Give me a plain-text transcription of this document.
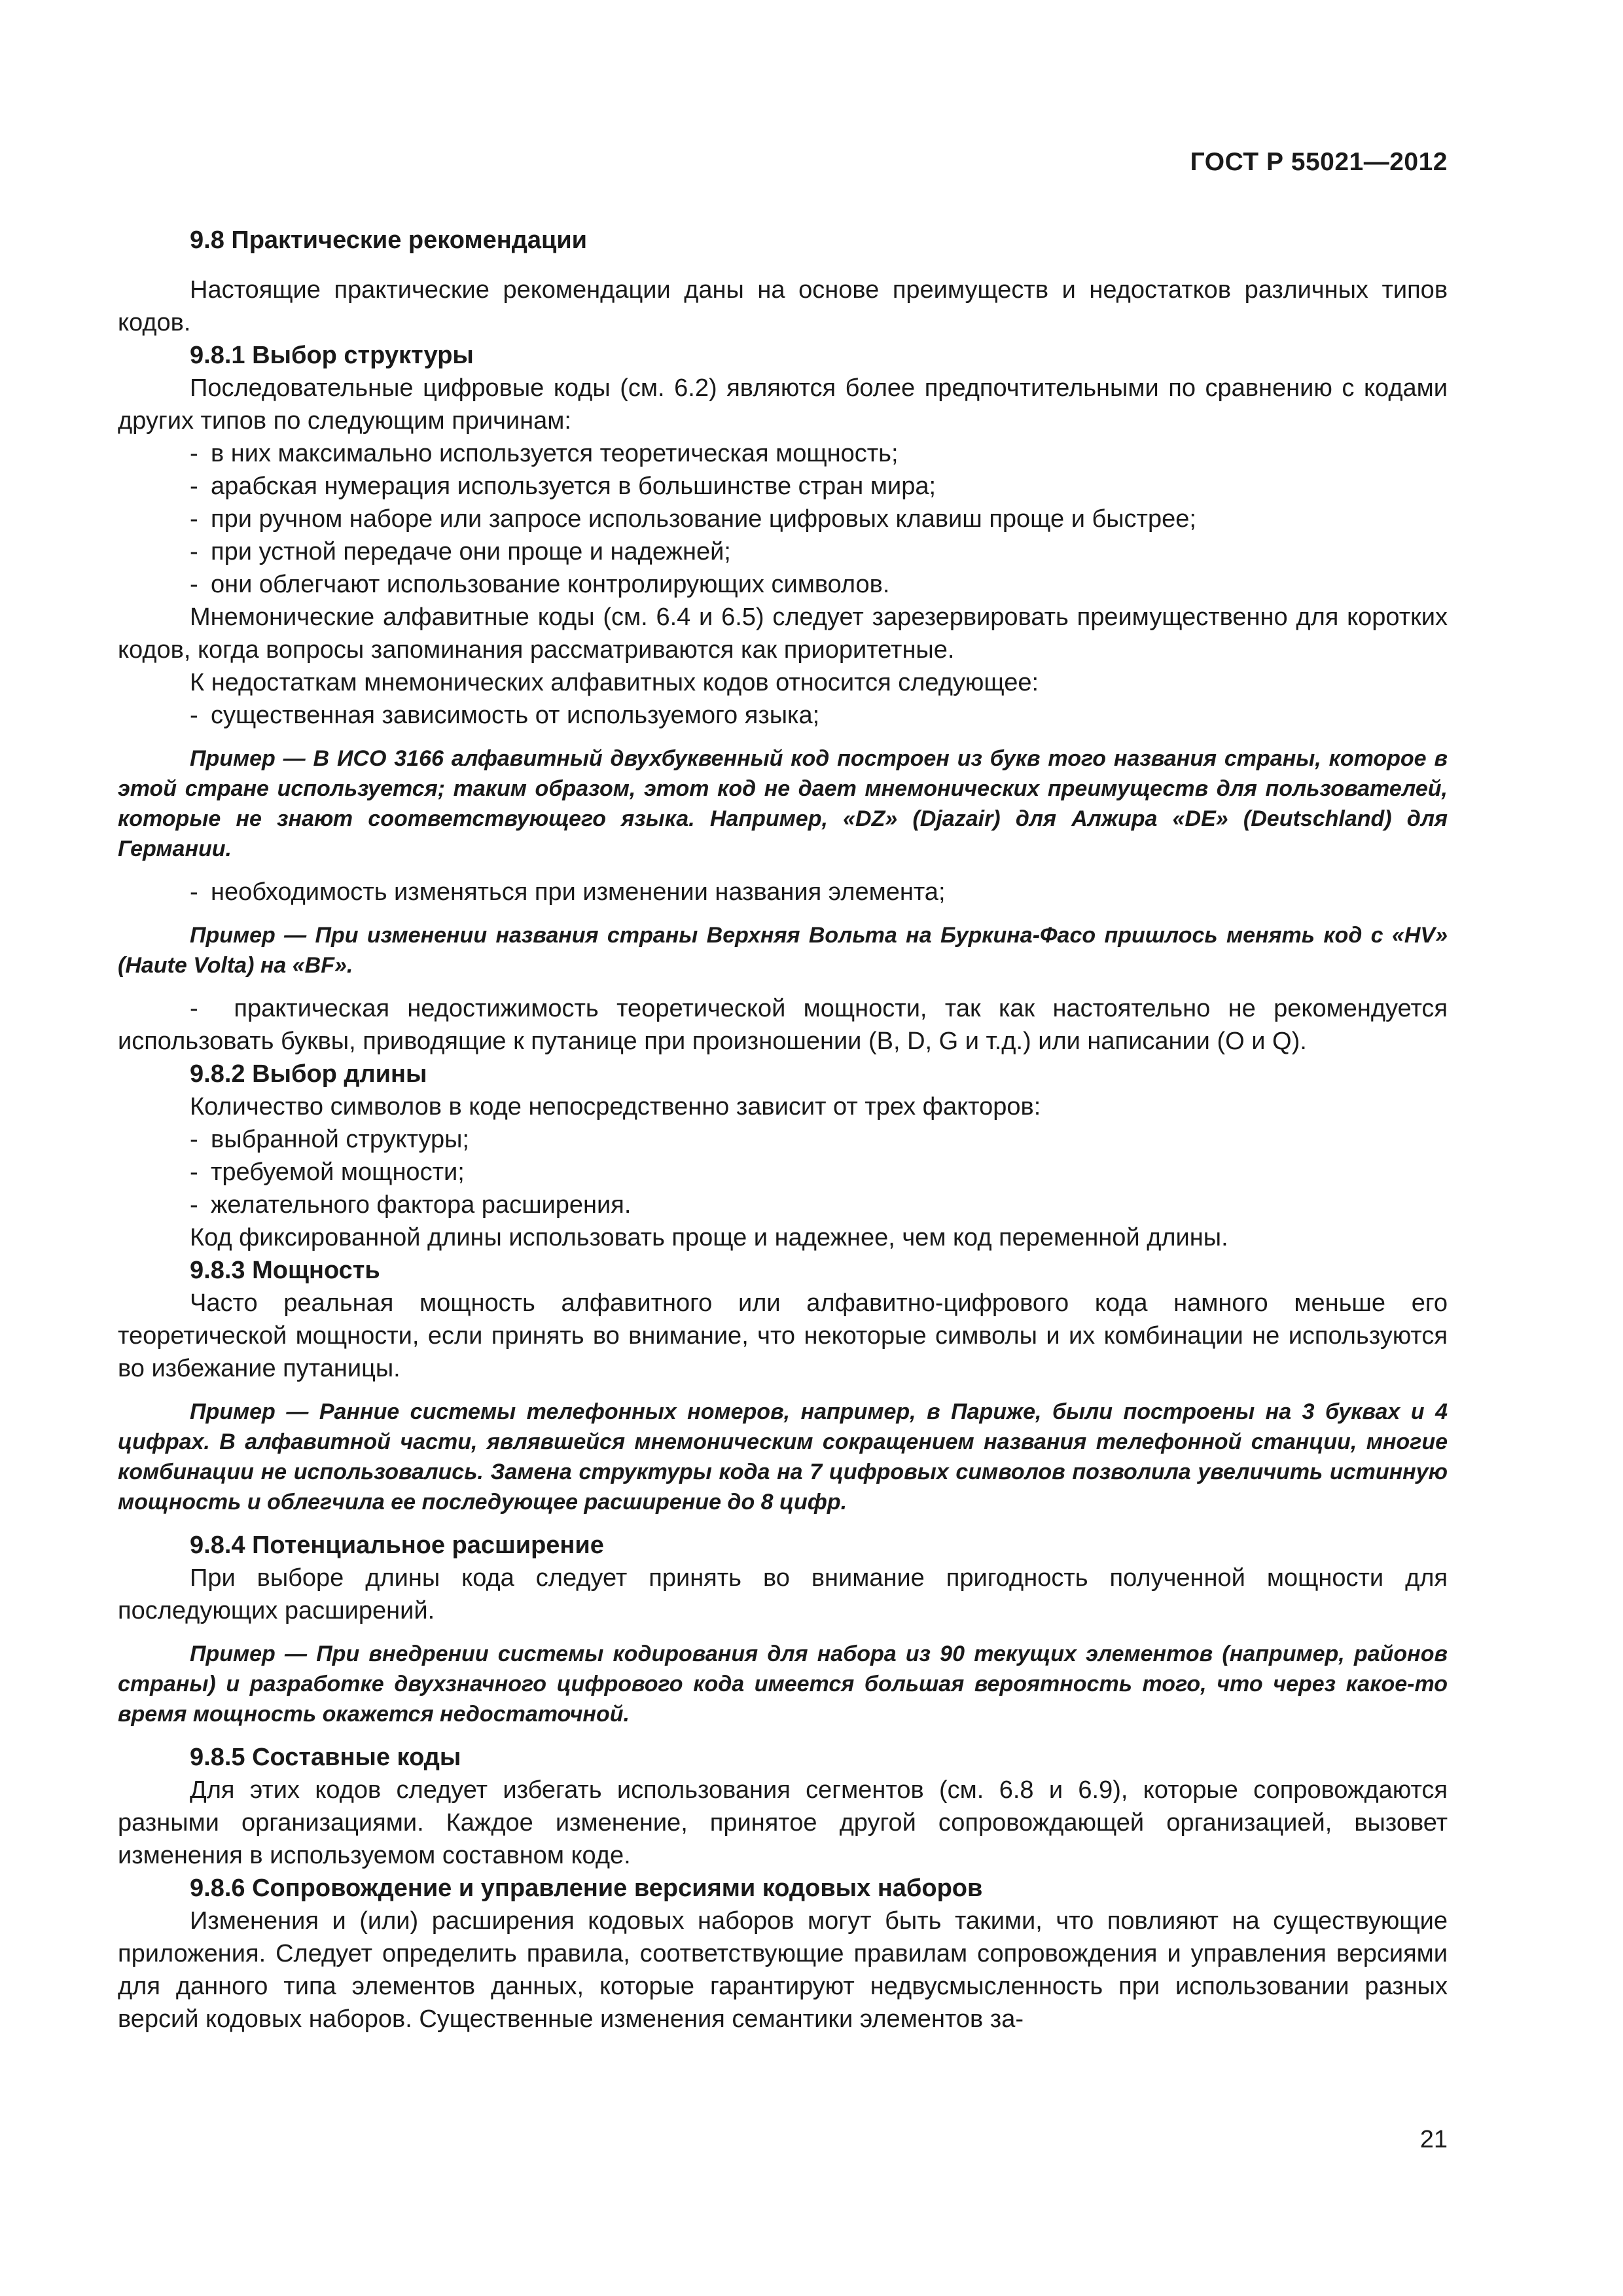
ГОСТ Р 55021—2012

9.8 Практические рекомендации

Настоящие практические рекомендации даны на основе преимуществ и недостатков различных типов кодов.

9.8.1 Выбор структуры

Последовательные цифровые коды (см. 6.2) являются более предпочтительными по сравнению с кодами других типов по следующим причинам:

- в них максимально используется теоретическая мощность;

- арабская нумерация используется в большинстве стран мира;

- при ручном наборе или запросе использование цифровых клавиш проще и быстрее;

- при устной передаче они проще и надежней;

- они облегчают использование контролирующих символов.

Мнемонические алфавитные коды (см. 6.4 и 6.5) следует зарезервировать преимущественно для коротких кодов, когда вопросы запоминания рассматриваются как приоритетные.

К недостаткам мнемонических алфавитных кодов относится следующее:

- существенная зависимость от используемого языка;

Пример — В ИСО 3166 алфавитный двухбуквенный код построен из букв того названия страны, которое в этой стране используется; таким образом, этот код не дает мнемонических преимуществ для пользователей, которые не знают соответствующего языка. Например, «DZ» (Djazair) для Алжира «DE» (Deutschland) для Германии.

- необходимость изменяться при изменении названия элемента;

Пример — При изменении названия страны Верхняя Вольта на Буркина-Фасо пришлось менять код с «HV» (Haute Volta) на «BF».

-  практическая недостижимость теоретической мощности, так как настоятельно не рекомендуется использовать буквы, приводящие к путанице при произношении (B, D, G и т.д.) или написании (O и Q).

9.8.2 Выбор длины

Количество символов в коде непосредственно зависит от трех факторов:

- выбранной структуры;

- требуемой мощности;

- желательного фактора расширения.

Код фиксированной длины использовать проще и надежнее, чем код переменной длины.

9.8.3 Мощность

Часто реальная мощность алфавитного или алфавитно-цифрового кода намного меньше его теоретической мощности, если принять во внимание, что некоторые символы и их комбинации не используются во избежание путаницы.

Пример — Ранние системы телефонных номеров, например, в Париже, были построены на 3 буквах и 4 цифрах. В алфавитной части, являвшейся мнемоническим сокращением названия телефонной станции, многие комбинации не использовались. Замена структуры кода на 7 цифровых символов позволила увеличить истинную мощность и облегчила ее последующее расширение до 8 цифр.

9.8.4 Потенциальное расширение

При выборе длины кода следует принять во внимание пригодность полученной мощности для последующих расширений.

Пример — При внедрении системы кодирования для набора из 90 текущих элементов (например, районов страны) и разработке двухзначного цифрового кода имеется большая вероятность того, что через какое-то время мощность окажется недостаточной.

9.8.5 Составные коды

Для этих кодов следует избегать использования сегментов (см. 6.8 и 6.9), которые сопровождаются разными организациями. Каждое изменение, принятое другой сопровождающей организацией, вызовет изменения в используемом составном коде.

9.8.6 Сопровождение и управление версиями кодовых наборов

Изменения и (или) расширения кодовых наборов могут быть такими, что повлияют на существующие приложения. Следует определить правила, соответствующие правилам сопровождения и управления версиями для данного типа элементов данных, которые гарантируют недвусмысленность при использовании разных версий кодовых наборов. Существенные изменения семантики элементов за-

21
